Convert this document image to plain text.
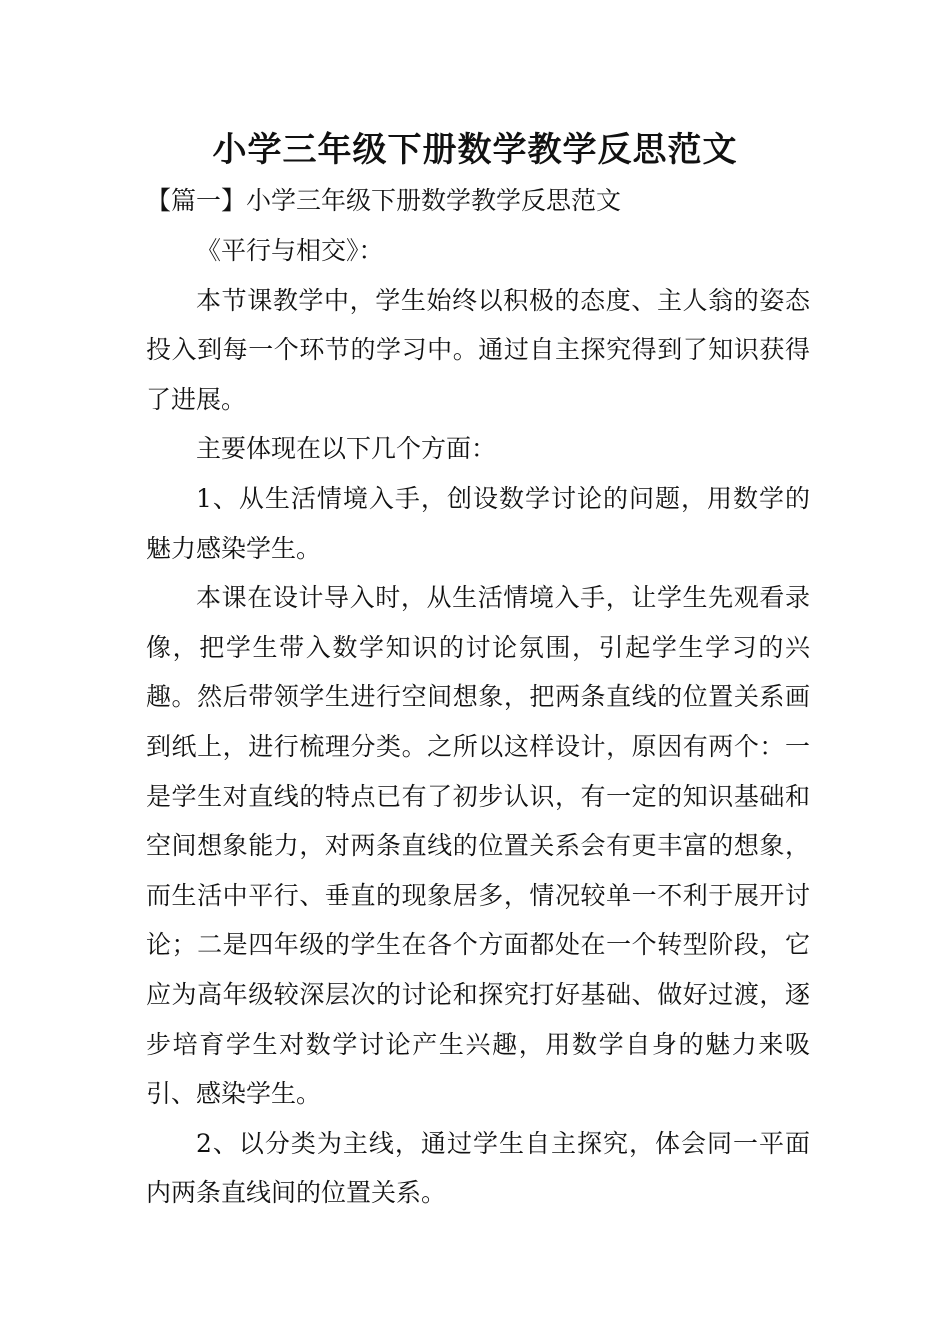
小学三年级下册数学教学反思范文
【篇一】小学三年级下册数学教学反思范文

《平行与相交》：

本节课教学中，学生始终以积极的态度、主人翁的姿态投入到每一个环节的学习中。通过自主探究得到了知识获得了进展。

主要体现在以下几个方面：

1、从生活情境入手，创设数学讨论的问题，用数学的魅力感染学生。

本课在设计导入时，从生活情境入手，让学生先观看录像，把学生带入数学知识的讨论氛围，引起学生学习的兴趣。然后带领学生进行空间想象，把两条直线的位置关系画到纸上，进行梳理分类。之所以这样设计，原因有两个：一是学生对直线的特点已有了初步认识，有一定的知识基础和空间想象能力，对两条直线的位置关系会有更丰富的想象，而生活中平行、垂直的现象居多，情况较单一不利于展开讨论；二是四年级的学生在各个方面都处在一个转型阶段，它应为高年级较深层次的讨论和探究打好基础、做好过渡，逐步培育学生对数学讨论产生兴趣，用数学自身的魅力来吸引、感染学生。

2、以分类为主线，通过学生自主探究，体会同一平面内两条直线间的位置关系。
